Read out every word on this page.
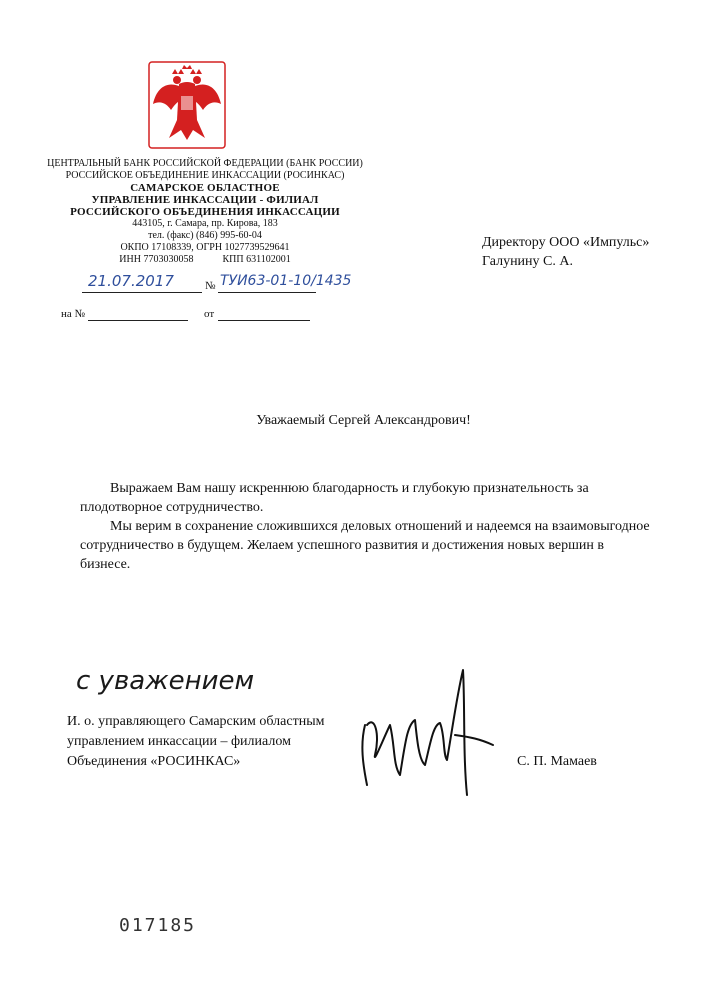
ЦЕНТРАЛЬНЫЙ БАНК РОССИЙСКОЙ ФЕДЕРАЦИИ (БАНК РОССИИ)
РОССИЙСКОЕ ОБЪЕДИНЕНИЕ ИНКАССАЦИИ (РОСИНКАС)
САМАРСКОЕ ОБЛАСТНОЕ
УПРАВЛЕНИЕ ИНКАССАЦИИ - ФИЛИАЛ
РОССИЙСКОГО ОБЪЕДИНЕНИЯ ИНКАССАЦИИ
443105, г. Самара, пр. Кирова, 183
тел. (факс) (846) 995-60-04
ОКПО 17108339, ОГРН 1027739529641
ИНН 7703030058	КПП 631102001
21.07.2017	№ ТУИ63-01-10/1435
на №	от
Директору ООО «Импульс»
Галунину С. А.
Уважаемый Сергей Александрович!

Выражаем Вам нашу искреннюю благодарность и глубокую признательность за плодотворное сотрудничество.

Мы верим в сохранение сложившихся деловых отношений и надеемся на взаимовыгодное сотрудничество в будущем. Желаем успешного развития и достижения новых вершин в бизнесе.

с уважением
И. о. управляющего Самарским областным
управлением инкассации – филиалом
Объединения «РОСИНКАС»	С. П. Мамаев
017185
